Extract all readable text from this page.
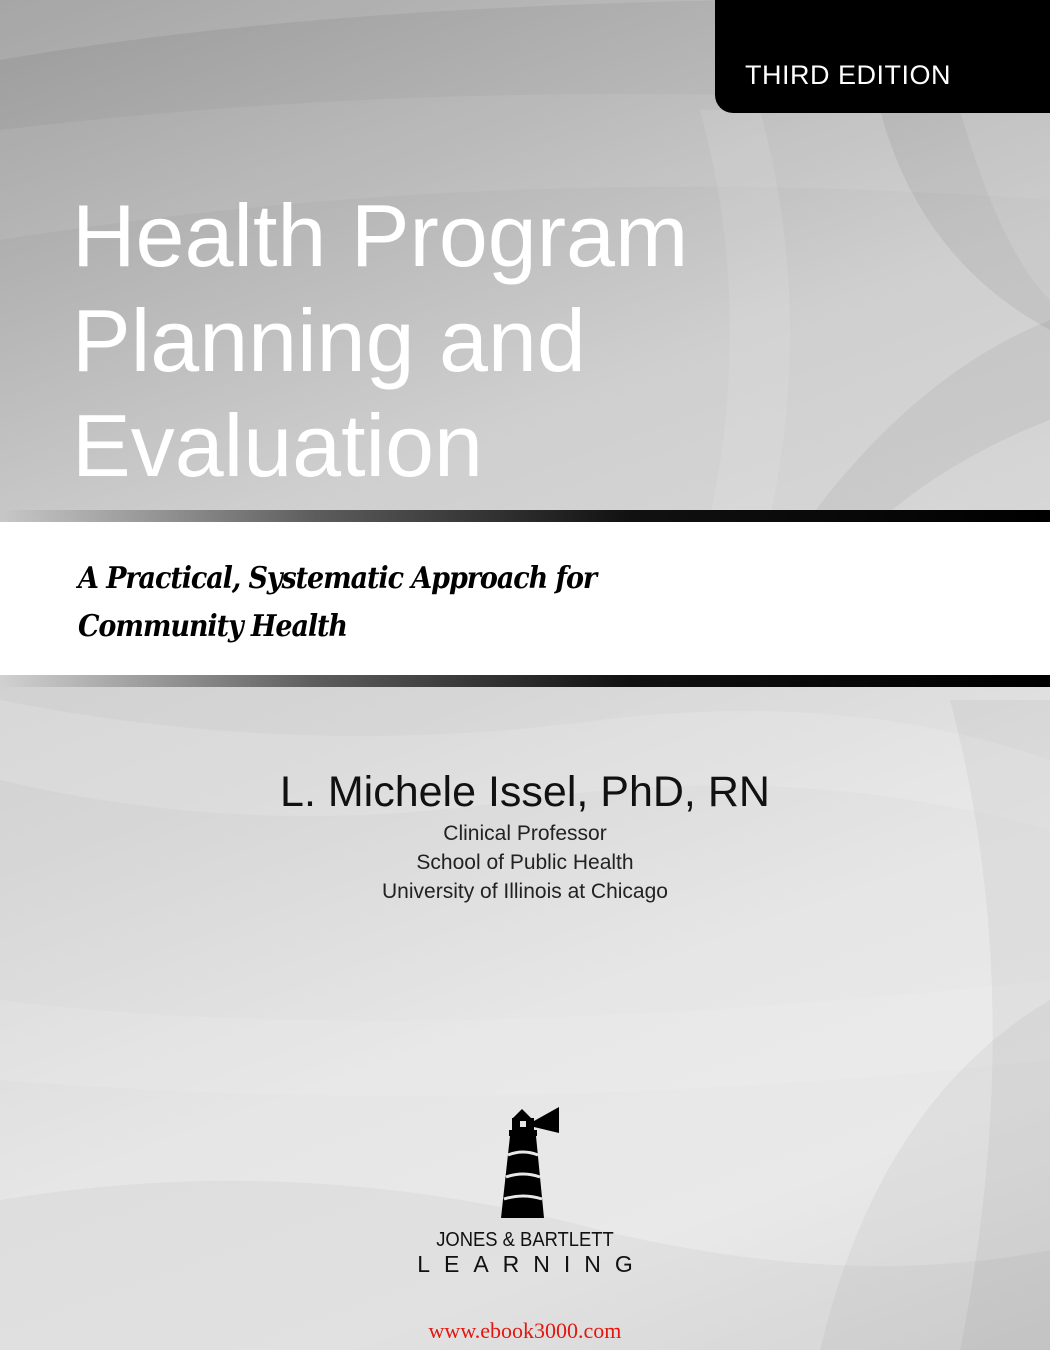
THIRD EDITION
Health Program
Planning and
Evaluation
A Practical, Systematic Approach for
Community Health

L. Michele Issel, PhD, RN

Clinical Professor

School of Public Health

University of Illinois at Chicago

JONES & BARTLETT
LEARNING
www.ebook3000.com
